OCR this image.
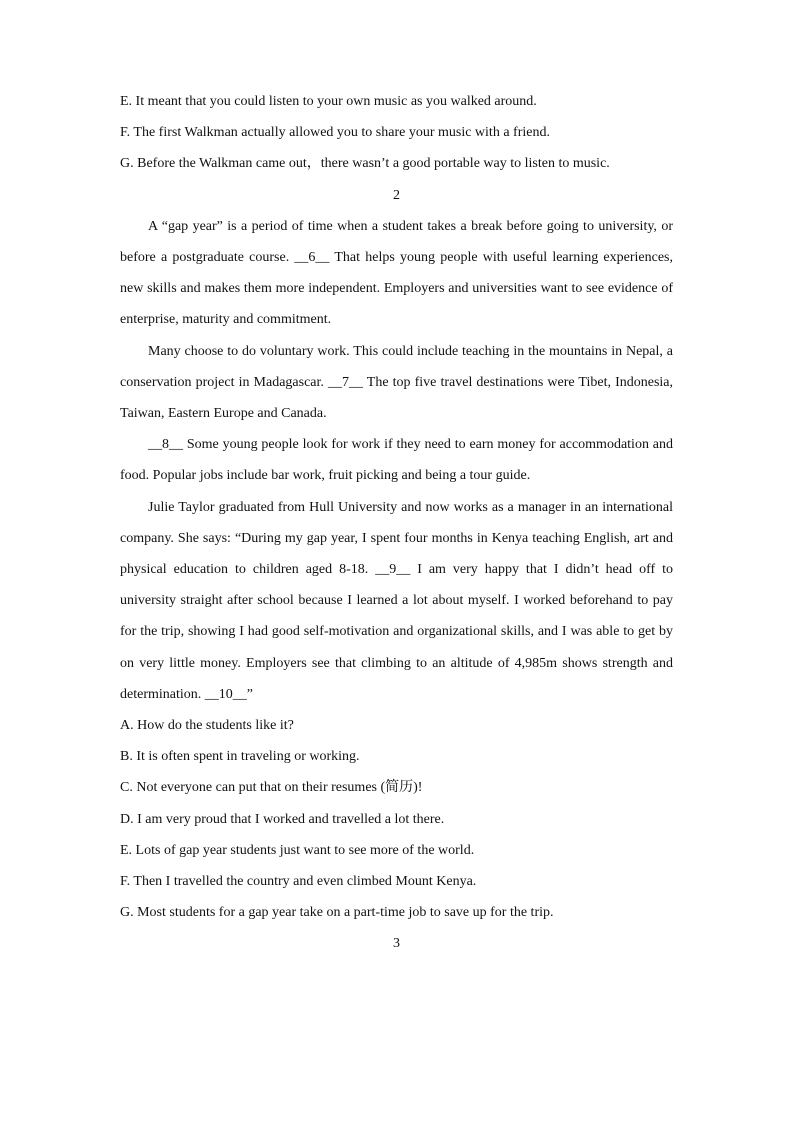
E. It meant that you could listen to your own music as you walked around.
F. The first Walkman actually allowed you to share your music with a friend.
G. Before the Walkman came out，there wasn’t a good portable way to listen to music.
2
A “gap year” is a period of time when a student takes a break before going to university, or before a postgraduate course. __6__ That helps young people with useful learning experiences, new skills and makes them more independent. Employers and universities want to see evidence of enterprise, maturity and commitment.
Many choose to do voluntary work. This could include teaching in the mountains in Nepal, a conservation project in Madagascar. __7__ The top five travel destinations were Tibet, Indonesia, Taiwan, Eastern Europe and Canada.
__8__ Some young people look for work if they need to earn money for accommodation and food. Popular jobs include bar work, fruit picking and being a tour guide.
Julie Taylor graduated from Hull University and now works as a manager in an international company. She says: “During my gap year, I spent four months in Kenya teaching English, art and physical education to children aged 8-18. __9__ I am very happy that I didn’t head off to university straight after school because I learned a lot about myself. I worked beforehand to pay for the trip, showing I had good self-motivation and organizational skills, and I was able to get by on very little money. Employers see that climbing to an altitude of 4,985m shows strength and determination. __10__”
A. How do the students like it?
B. It is often spent in traveling or working.
C. Not everyone can put that on their resumes (简历)!
D. I am very proud that I worked and travelled a lot there.
E. Lots of gap year students just want to see more of the world.
F. Then I travelled the country and even climbed Mount Kenya.
G. Most students for a gap year take on a part-time job to save up for the trip.
3
